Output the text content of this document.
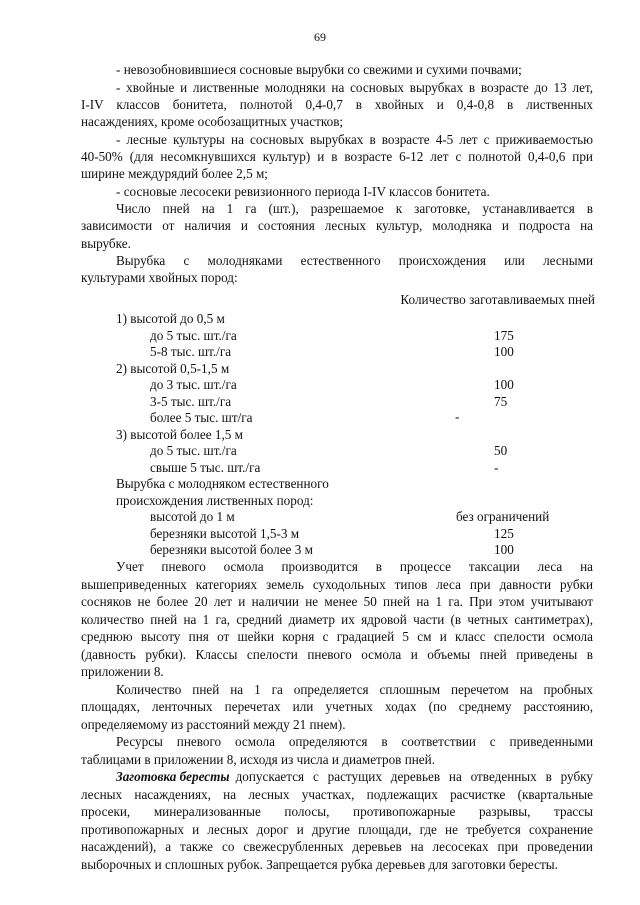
69
- невозобновившиеся сосновые вырубки со свежими и сухими почвами;
- хвойные и лиственные молодняки на сосновых вырубках в возрасте до 13 лет,
I-IV классов бонитета, полнотой 0,4-0,7 в хвойных и 0,4-0,8 в лиственных
насаждениях, кроме особозащитных участков;
- лесные культуры на сосновых вырубках в возрасте 4-5 лет с приживаемостью
40-50% (для несомкнувшихся культур) и в возрасте 6-12 лет с полнотой 0,4-0,6 при
ширине междурядий более 2,5 м;
- сосновые лесосеки ревизионного периода I-IV классов бонитета.
Число пней на 1 га (шт.), разрешаемое к заготовке, устанавливается в
зависимости от наличия и состояния лесных культур, молодняка и подроста на
вырубке.
Вырубка с молодняками естественного происхождения или лесными
культурами хвойных пород:
Количество заготавливаемых пней
1) высотой до 0,5 м
до 5 тыс. шт./га	175
5-8 тыс. шт./га	100
2) высотой 0,5-1,5 м
до 3 тыс. шт./га	100
3-5 тыс. шт./га	75
более 5 тыс. шт/га	-
3) высотой более 1,5 м
до 5 тыс. шт./га	50
свыше 5 тыс. шт./га	-
Вырубка с молодняком естественного
происхождения лиственных пород:
высотой до 1 м	без ограничений
березняки высотой 1,5-3 м	125
березняки высотой более 3 м	100
Учет пневого осмола производится в процессе таксации леса на
вышеприведенных категориях земель суходольных типов леса при давности рубки
сосняков не более 20 лет и наличии не менее 50 пней на 1 га. При этом учитывают
количество пней на 1 га, средний диаметр их ядровой части (в четных сантиметрах),
среднюю высоту пня от шейки корня с градацией 5 см и класс спелости осмола
(давность рубки). Классы спелости пневого осмола и объемы пней приведены в
приложении 8.
Количество пней на 1 га определяется сплошным перечетом на пробных
площадях, ленточных перечетах или учетных ходах (по среднему расстоянию,
определяемому из расстояний между 21 пнем).
Ресурсы пневого осмола определяются в соответствии с приведенными
таблицами в приложении 8, исходя из числа и диаметров пней.
Заготовка бересты допускается с растущих деревьев на отведенных в рубку
лесных насаждениях, на лесных участках, подлежащих расчистке (квартальные
просеки, минерализованные полосы, противопожарные разрывы, трассы
противопожарных и лесных дорог и другие площади, где не требуется сохранение
насаждений), а также со свежесрубленных деревьев на лесосеках при проведении
выборочных и сплошных рубок. Запрещается рубка деревьев для заготовки бересты.
